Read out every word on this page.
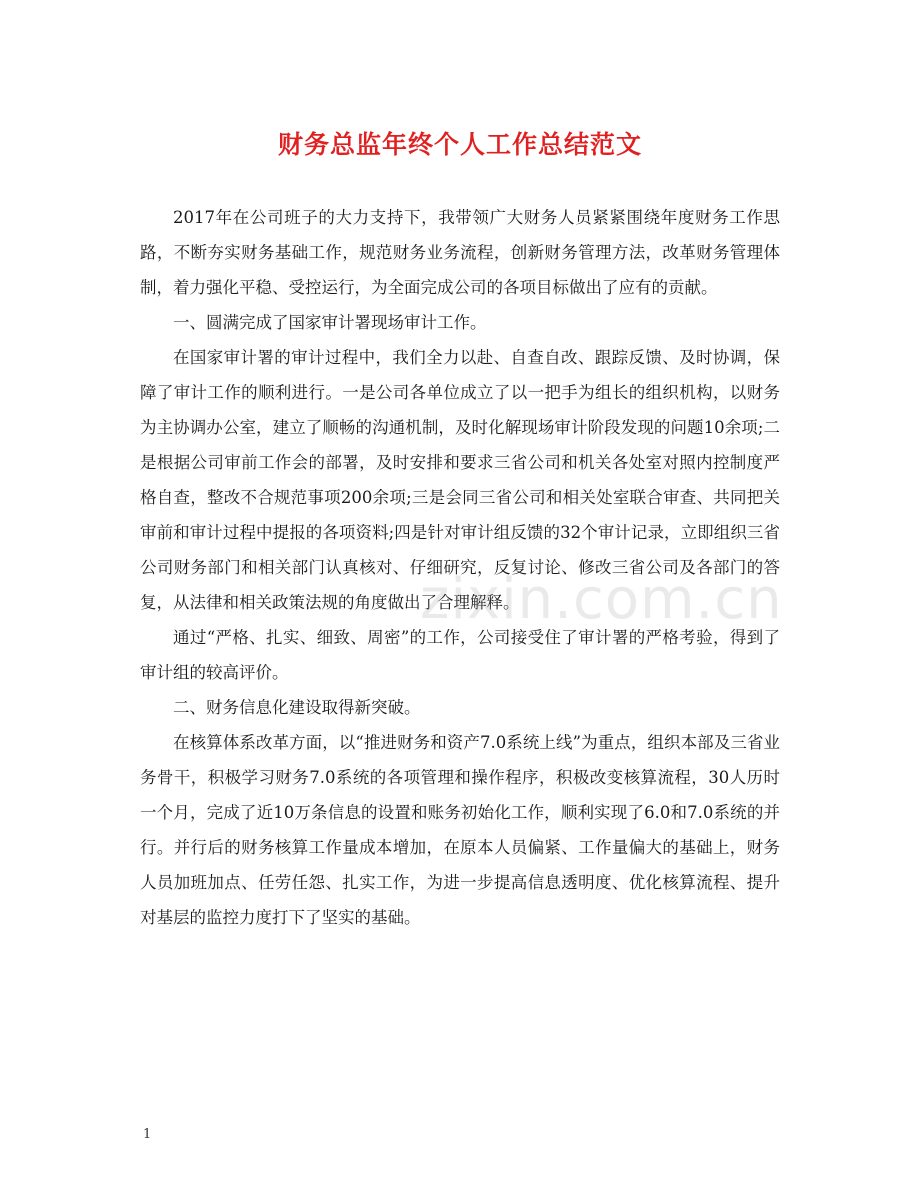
财务总监年终个人工作总结范文

2017年在公司班子的大力支持下，我带领广大财务人员紧紧围绕年度财务工作思路，不断夯实财务基础工作，规范财务业务流程，创新财务管理方法，改革财务管理体制，着力强化平稳、受控运行，为全面完成公司的各项目标做出了应有的贡献。

一、圆满完成了国家审计署现场审计工作。

在国家审计署的审计过程中，我们全力以赴、自查自改、跟踪反馈、及时协调，保障了审计工作的顺利进行。一是公司各单位成立了以一把手为组长的组织机构，以财务为主协调办公室，建立了顺畅的沟通机制，及时化解现场审计阶段发现的问题10余项;二是根据公司审前工作会的部署，及时安排和要求三省公司和机关各处室对照内控制度严格自查，整改不合规范事项200余项;三是会同三省公司和相关处室联合审查、共同把关审前和审计过程中提报的各项资料;四是针对审计组反馈的32个审计记录，立即组织三省公司财务部门和相关部门认真核对、仔细研究，反复讨论、修改三省公司及各部门的答复，从法律和相关政策法规的角度做出了合理解释。

通过“严格、扎实、细致、周密”的工作，公司接受住了审计署的严格考验，得到了审计组的较高评价。

二、财务信息化建设取得新突破。

在核算体系改革方面，以“推进财务和资产7.0系统上线”为重点，组织本部及三省业务骨干，积极学习财务7.0系统的各项管理和操作程序，积极改变核算流程，30人历时一个月，完成了近10万条信息的设置和账务初始化工作，顺利实现了6.0和7.0系统的并行。并行后的财务核算工作量成本增加，在原本人员偏紧、工作量偏大的基础上，财务人员加班加点、任劳任怨、扎实工作，为进一步提高信息透明度、优化核算流程、提升对基层的监控力度打下了坚实的基础。

zixin.com.cn
1
